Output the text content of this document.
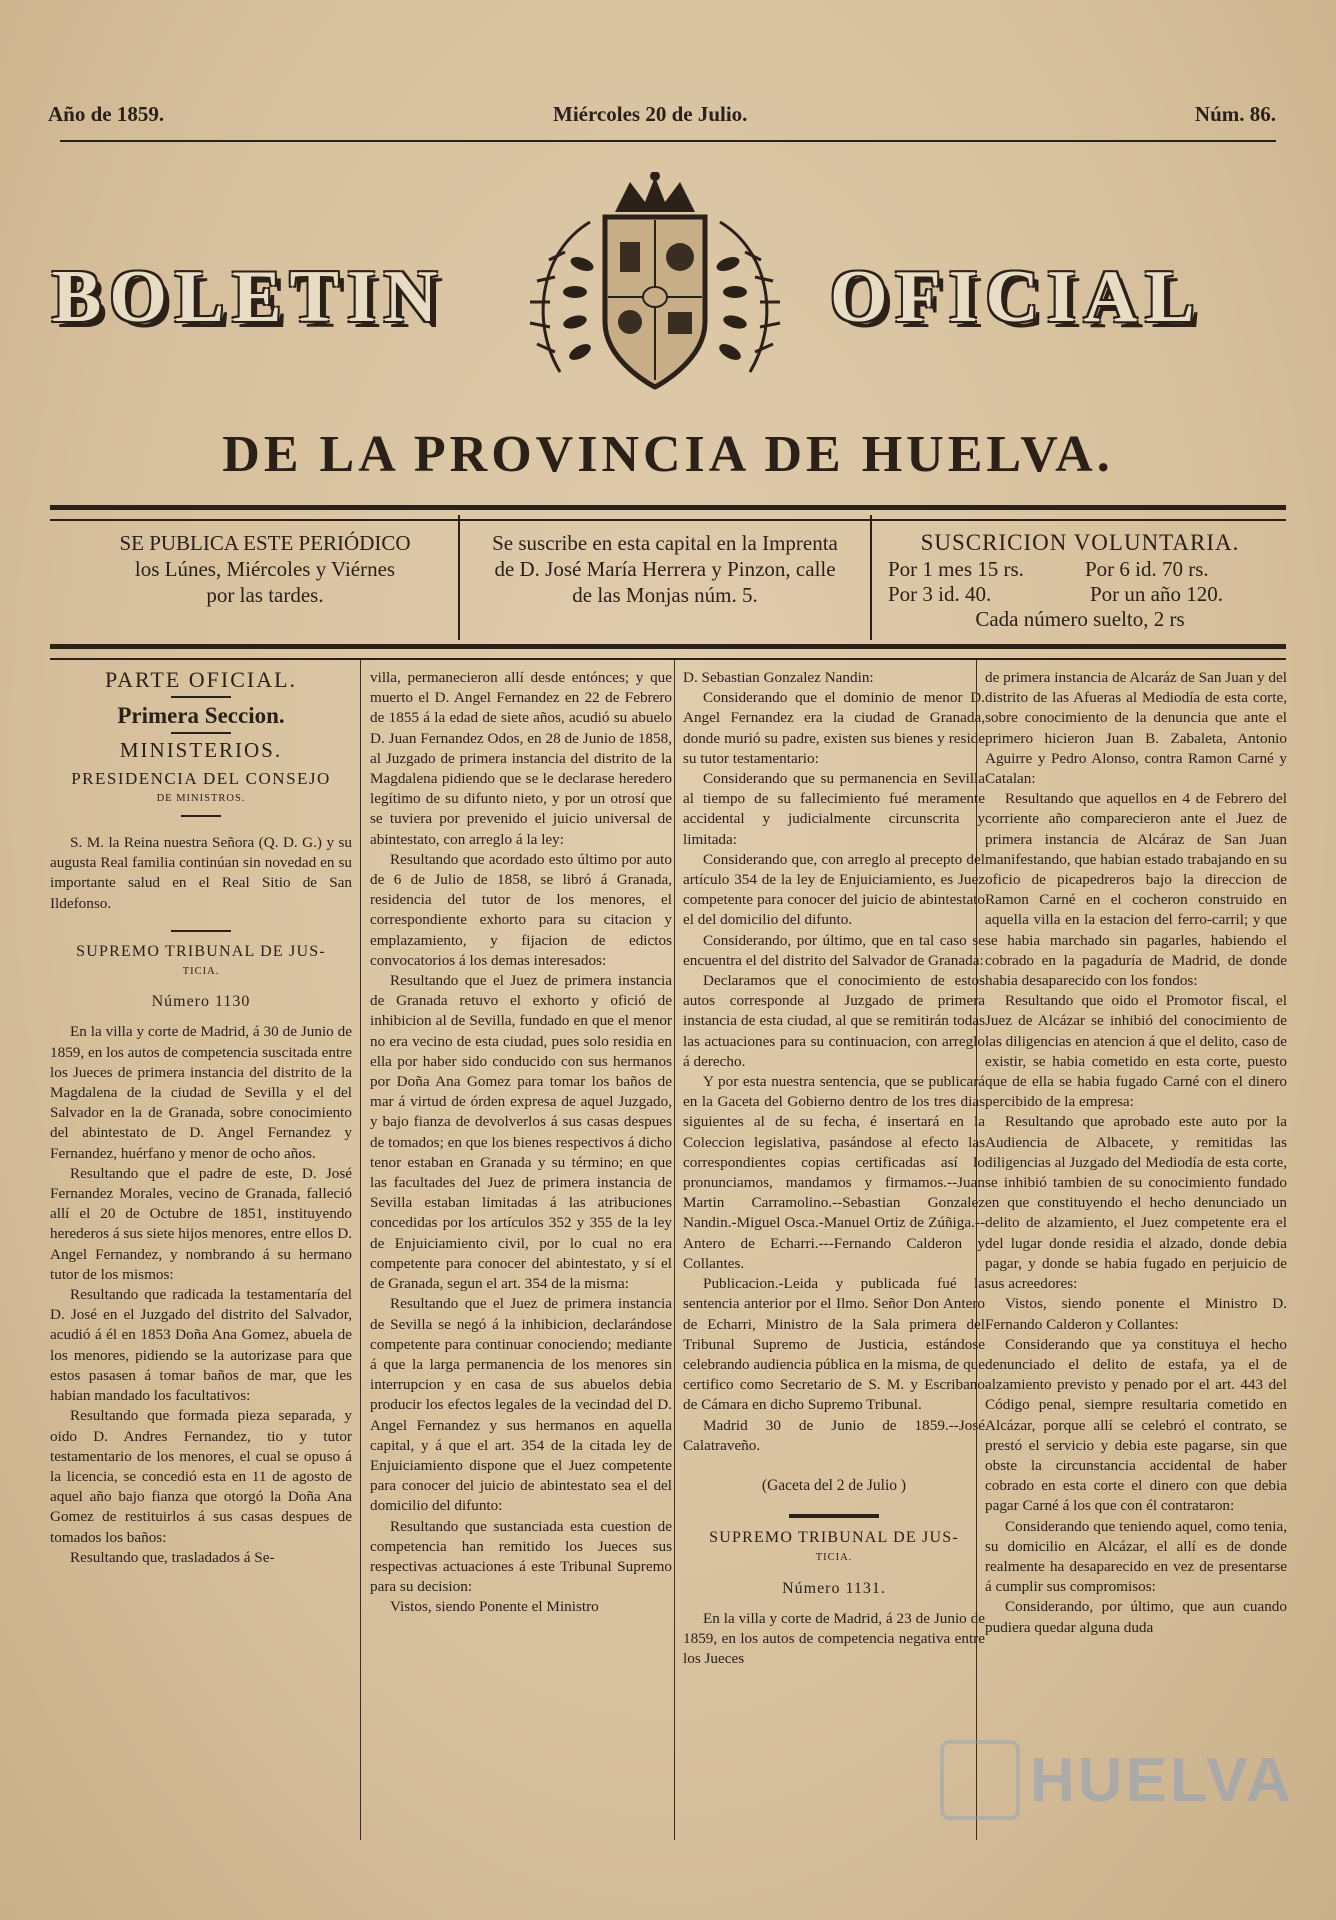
Año de 1859.	Miércoles 20 de Julio.	Núm. 86.
BOLETIN	OFICIAL
DE LA PROVINCIA DE HUELVA.
SE PUBLICA ESTE PERIÓDICO
los Lúnes, Miércoles y Viérnes
por las tardes.
Se suscribe en esta capital en la Imprenta
de D. José María Herrera y Pinzon, calle
de las Monjas núm. 5.
SUSCRICION VOLUNTARIA.
Por 1 mes 15 rs.	Por 6 id. 70 rs.
Por 3 id. 40.	Por un año 120.
Cada número suelto, 2 rs
PARTE OFICIAL.
Primera Seccion.
MINISTERIOS.
PRESIDENCIA DEL CONSEJO
DE MINISTROS.

S. M. la Reina nuestra Señora (Q. D. G.) y su augusta Real familia continúan sin novedad en su importante salud en el Real Sitio de San Ildefonso.

SUPREMO TRIBUNAL DE JUS-
TICIA.
Número 1130

En la villa y corte de Madrid, á 30 de Junio de 1859, en los autos de competencia suscitada entre los Jueces de primera instancia del distrito de la Magdalena de la ciudad de Sevilla y el del Salvador en la de Granada, sobre conocimiento del abintestato de D. Angel Fernandez y Fernandez, huérfano y menor de ocho años.

Resultando que el padre de este, D. José Fernandez Morales, vecino de Granada, falleció allí el 20 de Octubre de 1851, instituyendo herederos á sus siete hijos menores, entre ellos D. Angel Fernandez, y nombrando á su hermano tutor de los mismos:

Resultando que radicada la testamentaría del D. José en el Juzgado del distrito del Salvador, acudió á él en 1853 Doña Ana Gomez, abuela de los menores, pidiendo se la autorizase para que estos pasasen á tomar baños de mar, que les habian mandado los facultativos:

Resultando que formada pieza separada, y oido D. Andres Fernandez, tio y tutor testamentario de los menores, el cual se opuso á la licencia, se concedió esta en 11 de agosto de aquel año bajo fianza que otorgó la Doña Ana Gomez de restituirlos á sus casas despues de tomados los baños:

Resultando que, trasladados á Se-

villa, permanecieron allí desde entónces; y que muerto el D. Angel Fernandez en 22 de Febrero de 1855 á la edad de siete años, acudió su abuelo D. Juan Fernandez Odos, en 28 de Junio de 1858, al Juzgado de primera instancia del distrito de la Magdalena pidiendo que se le declarase heredero legítimo de su difunto nieto, y por un otrosí que se tuviera por prevenido el juicio universal de abintestato, con arreglo á la ley:

Resultando que acordado esto último por auto de 6 de Julio de 1858, se libró á Granada, residencia del tutor de los menores, el correspondiente exhorto para su citacion y emplazamiento, y fijacion de edictos convocatorios á los demas interesados:

Resultando que el Juez de primera instancia de Granada retuvo el exhorto y ofició de inhibicion al de Sevilla, fundado en que el menor no era vecino de esta ciudad, pues solo residia en ella por haber sido conducido con sus hermanos por Doña Ana Gomez para tomar los baños de mar á virtud de órden expresa de aquel Juzgado, y bajo fianza de devolverlos á sus casas despues de tomados; en que los bienes respectivos á dicho tenor estaban en Granada y su término; en que las facultades del Juez de primera instancia de Sevilla estaban limitadas á las atribuciones concedidas por los artículos 352 y 355 de la ley de Enjuiciamiento civil, por lo cual no era competente para conocer del abintestato, y sí el de Granada, segun el art. 354 de la misma:

Resultando que el Juez de primera instancia de Sevilla se negó á la inhibicion, declarándose competente para continuar conociendo; mediante á que la larga permanencia de los menores sin interrupcion y en casa de sus abuelos debia producir los efectos legales de la vecindad del D. Angel Fernandez y sus hermanos en aquella capital, y á que el art. 354 de la citada ley de Enjuiciamiento dispone que el Juez competente para conocer del juicio de abintestato sea el del domicilio del difunto:

Resultando que sustanciada esta cuestion de competencia han remitido los Jueces sus respectivas actuaciones á este Tribunal Supremo para su decision:

Vistos, siendo Ponente el Ministro

D. Sebastian Gonzalez Nandin:

Considerando que el dominio de menor D. Angel Fernandez era la ciudad de Granada, donde murió su padre, existen sus bienes y reside su tutor testamentario:

Considerando que su permanencia en Sevilla al tiempo de su fallecimiento fué meramente accidental y judicialmente circunscrita y limitada:

Considerando que, con arreglo al precepto del artículo 354 de la ley de Enjuiciamiento, es Juez competente para conocer del juicio de abintestato el del domicilio del difunto.

Considerando, por último, que en tal caso se encuentra el del distrito del Salvador de Granada:

Declaramos que el conocimiento de estos autos corresponde al Juzgado de primera instancia de esta ciudad, al que se remitirán todas las actuaciones para su continuacion, con arreglo á derecho.

Y por esta nuestra sentencia, que se publicará en la Gaceta del Gobierno dentro de los tres dias siguientes al de su fecha, é insertará en la Coleccion legislativa, pasándose al efecto las correspondientes copias certificadas así lo pronunciamos, mandamos y firmamos.--Juan Martin Carramolino.--Sebastian Gonzalez Nandin.-Miguel Osca.-Manuel Ortiz de Zúñiga.--Antero de Echarri.---Fernando Calderon y Collantes.

Publicacion.-Leida y publicada fué la sentencia anterior por el Ilmo. Señor Don Antero de Echarri, Ministro de la Sala primera del Tribunal Supremo de Justicia, estándose celebrando audiencia pública en la misma, de que certifico como Secretario de S. M. y Escribano de Cámara en dicho Supremo Tribunal.

Madrid 30 de Junio de 1859.--José Calatraveño.

(Gaceta del 2 de Julio )
SUPREMO TRIBUNAL DE JUS-
TICIA.
Número 1131.

En la villa y corte de Madrid, á 23 de Junio de 1859, en los autos de competencia negativa entre los Jueces

de primera instancia de Alcaráz de San Juan y del distrito de las Afueras al Mediodía de esta corte, sobre conocimiento de la denuncia que ante el primero hicieron Juan B. Zabaleta, Antonio Aguirre y Pedro Alonso, contra Ramon Carné y Catalan:

Resultando que aquellos en 4 de Febrero del corriente año comparecieron ante el Juez de primera instancia de Alcáraz de San Juan manifestando, que habian estado trabajando en su oficio de picapedreros bajo la direccion de Ramon Carné en el cocheron construido en aquella villa en la estacion del ferro-carril; y que se habia marchado sin pagarles, habiendo el cobrado en la pagaduría de Madrid, de donde habia desaparecido con los fondos:

Resultando que oido el Promotor fiscal, el Juez de Alcázar se inhibió del conocimiento de las diligencias en atencion á que el delito, caso de existir, se habia cometido en esta corte, puesto que de ella se habia fugado Carné con el dinero percibido de la empresa:

Resultando que aprobado este auto por la Audiencia de Albacete, y remitidas las diligencias al Juzgado del Mediodía de esta corte, se inhibió tambien de su conocimiento fundado en que constituyendo el hecho denunciado un delito de alzamiento, el Juez competente era el del lugar donde residia el alzado, donde debia pagar, y donde se habia fugado en perjuicio de sus acreedores:

Vistos, siendo ponente el Ministro D. Fernando Calderon y Collantes:

Considerando que ya constituya el hecho denunciado el delito de estafa, ya el de alzamiento previsto y penado por el art. 443 del Código penal, siempre resultaria cometido en Alcázar, porque allí se celebró el contrato, se prestó el servicio y debia este pagarse, sin que obste la circunstancia accidental de haber cobrado en esta corte el dinero con que debia pagar Carné á los que con él contrataron:

Considerando que teniendo aquel, como tenia, su domicilio en Alcázar, el allí es de donde realmente ha desaparecido en vez de presentarse á cumplir sus compromisos:

Considerando, por último, que aun cuando pudiera quedar alguna duda

HUELVA
